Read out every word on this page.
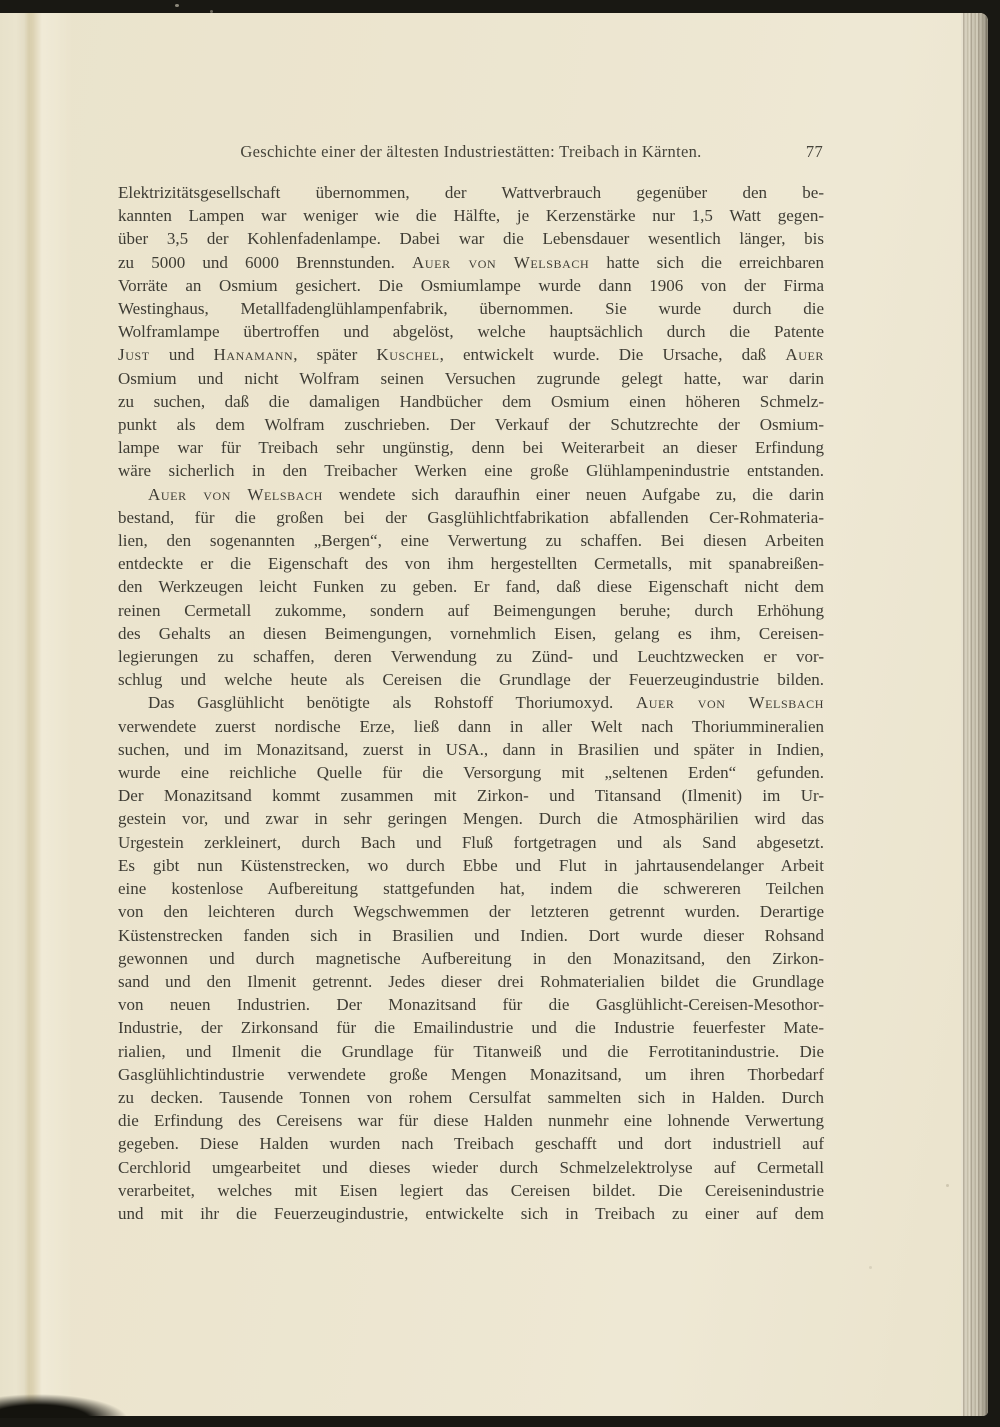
Geschichte einer der ältesten Industriestätten: Treibach in Kärnten.	77
Elektrizitätsgesellschaft übernommen, der Wattverbrauch gegenüber den be-
kannten Lampen war weniger wie die Hälfte, je Kerzenstärke nur 1,5 Watt gegen-
über 3,5 der Kohlenfadenlampe. Dabei war die Lebensdauer wesentlich länger, bis
zu 5000 und 6000 Brennstunden. Auer von Welsbach hatte sich die erreichbaren
Vorräte an Osmium gesichert. Die Osmiumlampe wurde dann 1906 von der Firma
Westinghaus, Metallfadenglühlampenfabrik, übernommen. Sie wurde durch die
Wolframlampe übertroffen und abgelöst, welche hauptsächlich durch die Patente
Just und Hanamann, später Kuschel, entwickelt wurde. Die Ursache, daß Auer
Osmium und nicht Wolfram seinen Versuchen zugrunde gelegt hatte, war darin
zu suchen, daß die damaligen Handbücher dem Osmium einen höheren Schmelz-
punkt als dem Wolfram zuschrieben. Der Verkauf der Schutzrechte der Osmium-
lampe war für Treibach sehr ungünstig, denn bei Weiterarbeit an dieser Erfindung
wäre sicherlich in den Treibacher Werken eine große Glühlampenindustrie entstanden.
Auer von Welsbach wendete sich daraufhin einer neuen Aufgabe zu, die darin
bestand, für die großen bei der Gasglühlichtfabrikation abfallenden Cer-Rohmateria-
lien, den sogenannten „Bergen“, eine Verwertung zu schaffen. Bei diesen Arbeiten
entdeckte er die Eigenschaft des von ihm hergestellten Cermetalls, mit spanabreißen-
den Werkzeugen leicht Funken zu geben. Er fand, daß diese Eigenschaft nicht dem
reinen Cermetall zukomme, sondern auf Beimengungen beruhe; durch Erhöhung
des Gehalts an diesen Beimengungen, vornehmlich Eisen, gelang es ihm, Cereisen-
legierungen zu schaffen, deren Verwendung zu Zünd- und Leuchtzwecken er vor-
schlug und welche heute als Cereisen die Grundlage der Feuerzeugindustrie bilden.
Das Gasglühlicht benötigte als Rohstoff Thoriumoxyd. Auer von Welsbach
verwendete zuerst nordische Erze, ließ dann in aller Welt nach Thoriummineralien
suchen, und im Monazitsand, zuerst in USA., dann in Brasilien und später in Indien,
wurde eine reichliche Quelle für die Versorgung mit „seltenen Erden“ gefunden.
Der Monazitsand kommt zusammen mit Zirkon- und Titansand (Ilmenit) im Ur-
gestein vor, und zwar in sehr geringen Mengen. Durch die Atmosphärilien wird das
Urgestein zerkleinert, durch Bach und Fluß fortgetragen und als Sand abgesetzt.
Es gibt nun Küstenstrecken, wo durch Ebbe und Flut in jahrtausendelanger Arbeit
eine kostenlose Aufbereitung stattgefunden hat, indem die schwereren Teilchen
von den leichteren durch Wegschwemmen der letzteren getrennt wurden. Derartige
Küstenstrecken fanden sich in Brasilien und Indien. Dort wurde dieser Rohsand
gewonnen und durch magnetische Aufbereitung in den Monazitsand, den Zirkon-
sand und den Ilmenit getrennt. Jedes dieser drei Rohmaterialien bildet die Grundlage
von neuen Industrien. Der Monazitsand für die Gasglühlicht-Cereisen-Mesothor-
Industrie, der Zirkonsand für die Emailindustrie und die Industrie feuerfester Mate-
rialien, und Ilmenit die Grundlage für Titanweiß und die Ferrotitanindustrie. Die
Gasglühlichtindustrie verwendete große Mengen Monazitsand, um ihren Thorbedarf
zu decken. Tausende Tonnen von rohem Cersulfat sammelten sich in Halden. Durch
die Erfindung des Cereisens war für diese Halden nunmehr eine lohnende Verwertung
gegeben. Diese Halden wurden nach Treibach geschafft und dort industriell auf
Cerchlorid umgearbeitet und dieses wieder durch Schmelzelektrolyse auf Cermetall
verarbeitet, welches mit Eisen legiert das Cereisen bildet. Die Cereisenindustrie
und mit ihr die Feuerzeugindustrie, entwickelte sich in Treibach zu einer auf dem
